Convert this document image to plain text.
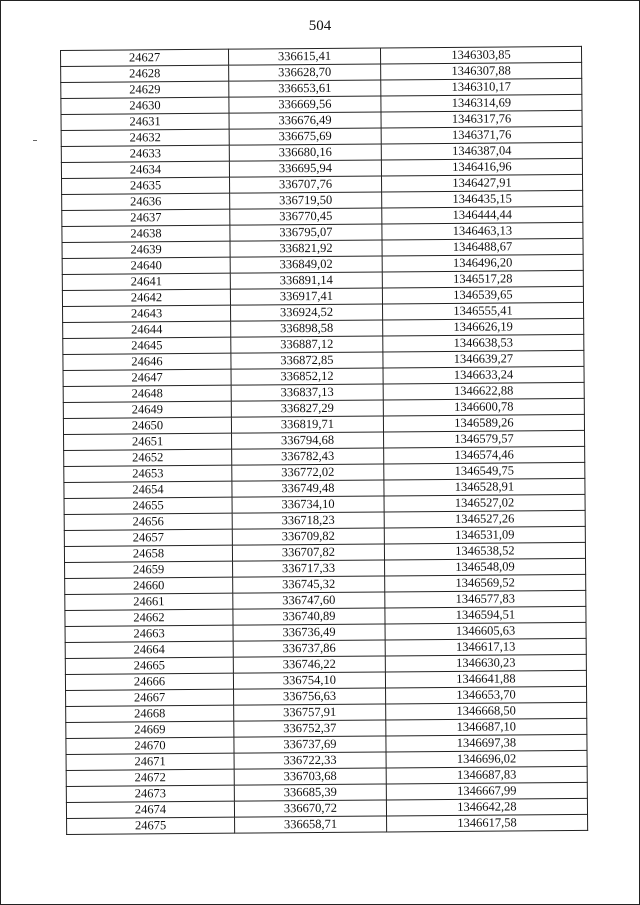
504
24627	336615,41	1346303,85
24628	336628,70	1346307,88
24629	336653,61	1346310,17
24630	336669,56	1346314,69
24631	336676,49	1346317,76
24632	336675,69	1346371,76
24633	336680,16	1346387,04
24634	336695,94	1346416,96
24635	336707,76	1346427,91
24636	336719,50	1346435,15
24637	336770,45	1346444,44
24638	336795,07	1346463,13
24639	336821,92	1346488,67
24640	336849,02	1346496,20
24641	336891,14	1346517,28
24642	336917,41	1346539,65
24643	336924,52	1346555,41
24644	336898,58	1346626,19
24645	336887,12	1346638,53
24646	336872,85	1346639,27
24647	336852,12	1346633,24
24648	336837,13	1346622,88
24649	336827,29	1346600,78
24650	336819,71	1346589,26
24651	336794,68	1346579,57
24652	336782,43	1346574,46
24653	336772,02	1346549,75
24654	336749,48	1346528,91
24655	336734,10	1346527,02
24656	336718,23	1346527,26
24657	336709,82	1346531,09
24658	336707,82	1346538,52
24659	336717,33	1346548,09
24660	336745,32	1346569,52
24661	336747,60	1346577,83
24662	336740,89	1346594,51
24663	336736,49	1346605,63
24664	336737,86	1346617,13
24665	336746,22	1346630,23
24666	336754,10	1346641,88
24667	336756,63	1346653,70
24668	336757,91	1346668,50
24669	336752,37	1346687,10
24670	336737,69	1346697,38
24671	336722,33	1346696,02
24672	336703,68	1346687,83
24673	336685,39	1346667,99
24674	336670,72	1346642,28
24675	336658,71	1346617,58
